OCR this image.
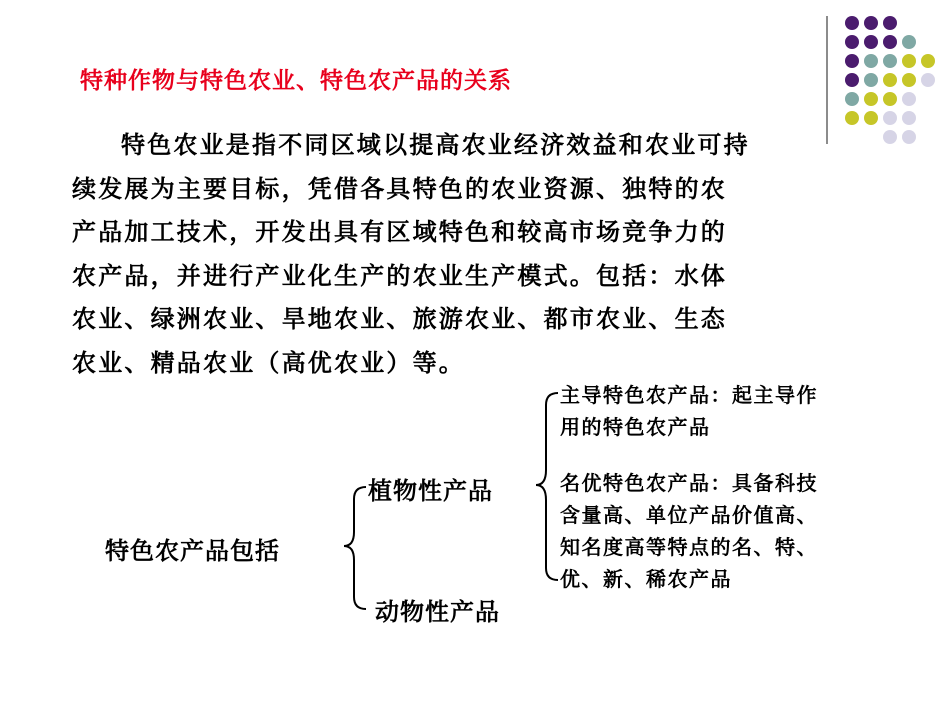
特种作物与特色农业、特色农产品的关系
特色农业是指不同区域以提高农业经济效益和农业可持
续发展为主要目标，凭借各具特色的农业资源、独特的农
产品加工技术，开发出具有区域特色和较高市场竞争力的
农产品，并进行产业化生产的农业生产模式。包括：水体
农业、绿洲农业、旱地农业、旅游农业、都市农业、生态
农业、精品农业（高优农业）等。
特色农产品包括
植物性产品
动物性产品
主导特色农产品：起主导作
用的特色农产品
名优特色农产品：具备科技
含量高、单位产品价值高、
知名度高等特点的名、特、
优、新、稀农产品
